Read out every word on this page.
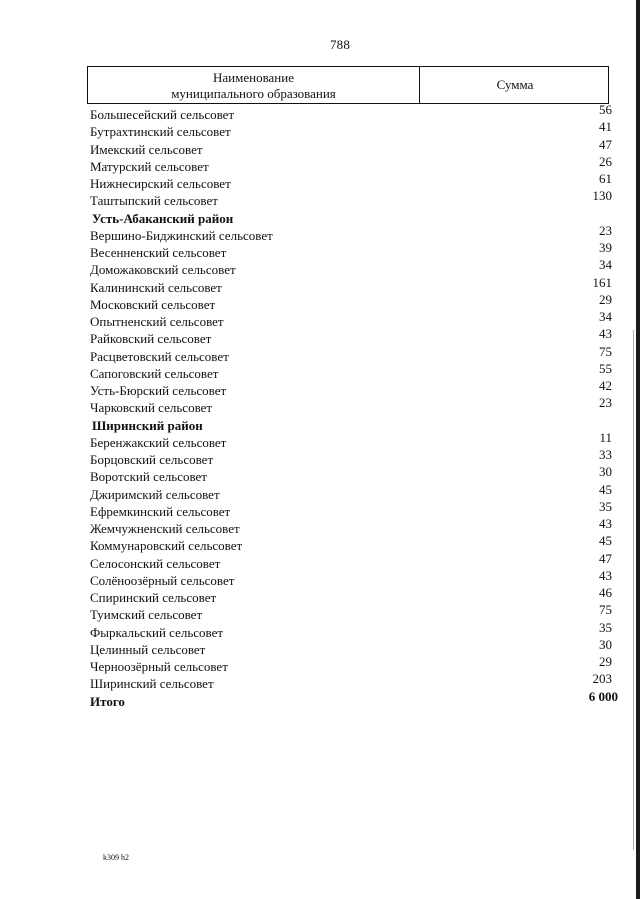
788
Наименование
муниципального образования
Сумма
Большесейский сельсовет	56
Бутрахтинский сельсовет	41
Имекский сельсовет	47
Матурский сельсовет	26
Нижнесирский сельсовет	61
Таштыпский сельсовет	130
Усть-Абаканский район
Вершино-Биджинский сельсовет	23
Весенненский сельсовет	39
Доможаковский сельсовет	34
Калининский сельсовет	161
Московский сельсовет	29
Опытненский сельсовет	34
Райковский сельсовет	43
Расцветовский сельсовет	75
Сапоговский сельсовет	55
Усть-Бюрский сельсовет	42
Чарковский сельсовет	23
Ширинский район
Беренжакский сельсовет	11
Борцовский сельсовет	33
Воротский сельсовет	30
Джиримский сельсовет	45
Ефремкинский сельсовет	35
Жемчужненский сельсовет	43
Коммунаровский сельсовет	45
Селосонский сельсовет	47
Солёноозёрный сельсовет	43
Спиринский сельсовет	46
Туимский сельсовет	75
Фыркальский сельсовет	35
Целинный сельсовет	30
Черноозёрный сельсовет	29
Ширинский сельсовет	203
Итого	6 000
k309 h2
